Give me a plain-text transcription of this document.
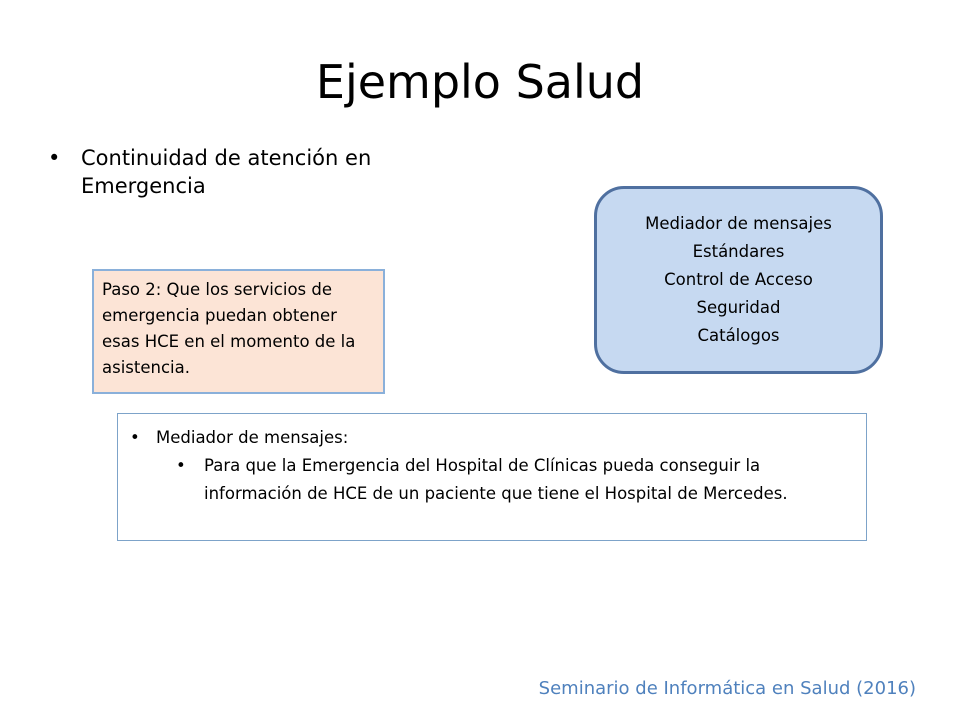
Ejemplo Salud
• Continuidad de atención en Emergencia
Paso 2: Que los servicios de emergencia puedan obtener esas HCE en el momento de la asistencia.
Mediador de mensajes
Estándares
Control de Acceso
Seguridad
Catálogos
• Mediador de mensajes:
•	Para que la Emergencia del Hospital de Clínicas pueda conseguir la información de HCE de un paciente que tiene el Hospital de Mercedes.
Seminario de Informática en Salud (2016)
